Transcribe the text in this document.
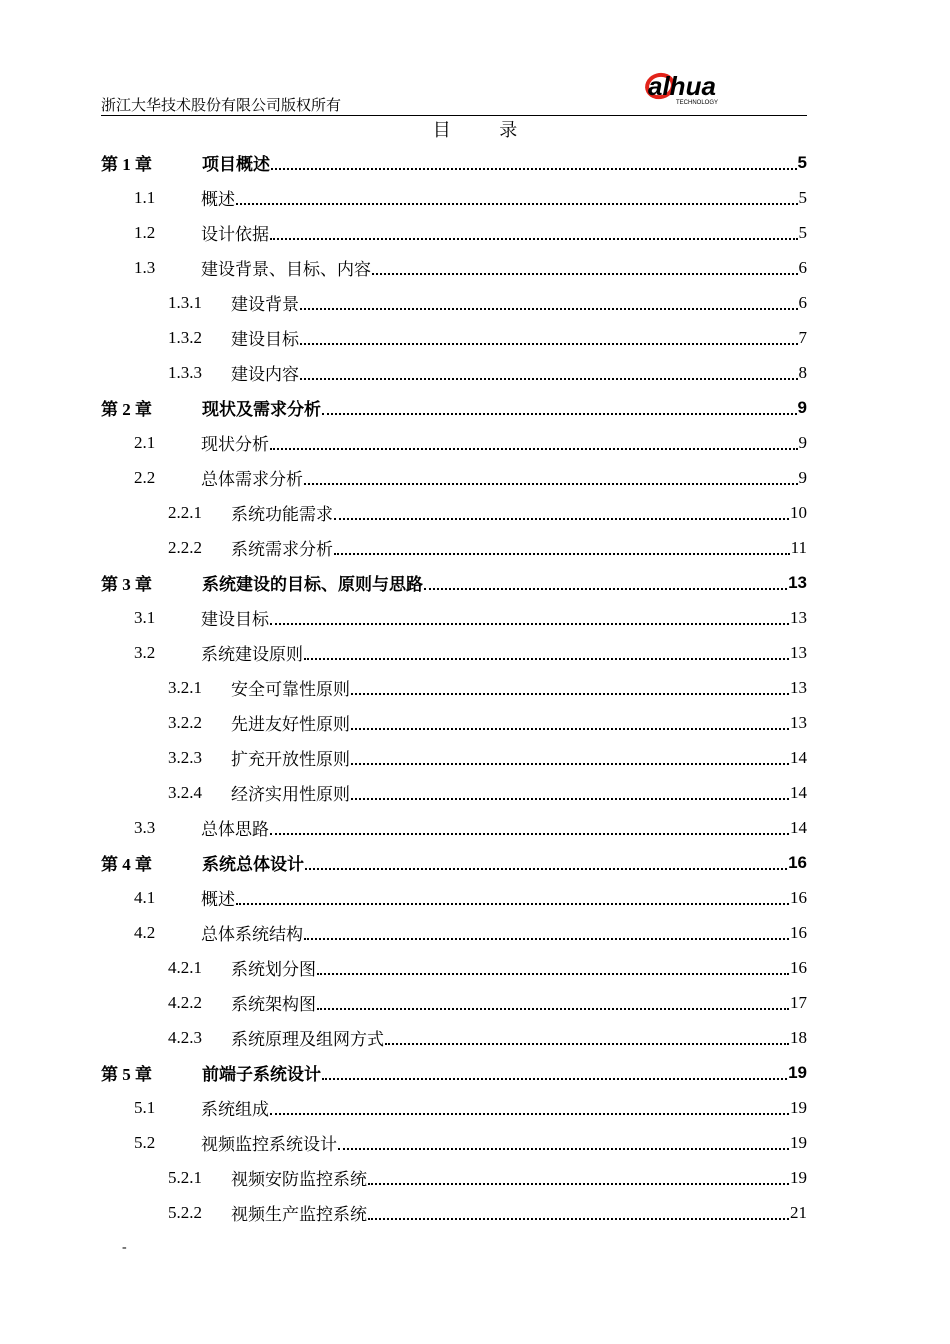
浙江大华技术股份有限公司版权所有
alhua
TECHNOLOGY
目 录
第 1 章	项目概述	5
1.1	概述	5
1.2	设计依据	5
1.3	建设背景、目标、内容	6
1.3.1	建设背景	6
1.3.2	建设目标	7
1.3.3	建设内容	8
第 2 章	现状及需求分析	9
2.1	现状分析	9
2.2	总体需求分析	9
2.2.1	系统功能需求	10
2.2.2	系统需求分析	11
第 3 章	系统建设的目标、原则与思路	13
3.1	建设目标	13
3.2	系统建设原则	13
3.2.1	安全可靠性原则	13
3.2.2	先进友好性原则	13
3.2.3	扩充开放性原则	14
3.2.4	经济实用性原则	14
3.3	总体思路	14
第 4 章	系统总体设计	16
4.1	概述	16
4.2	总体系统结构	16
4.2.1	系统划分图	16
4.2.2	系统架构图	17
4.2.3	系统原理及组网方式	18
第 5 章	前端子系统设计	19
5.1	系统组成	19
5.2	视频监控系统设计	19
5.2.1	视频安防监控系统	19
5.2.2	视频生产监控系统	21
-
